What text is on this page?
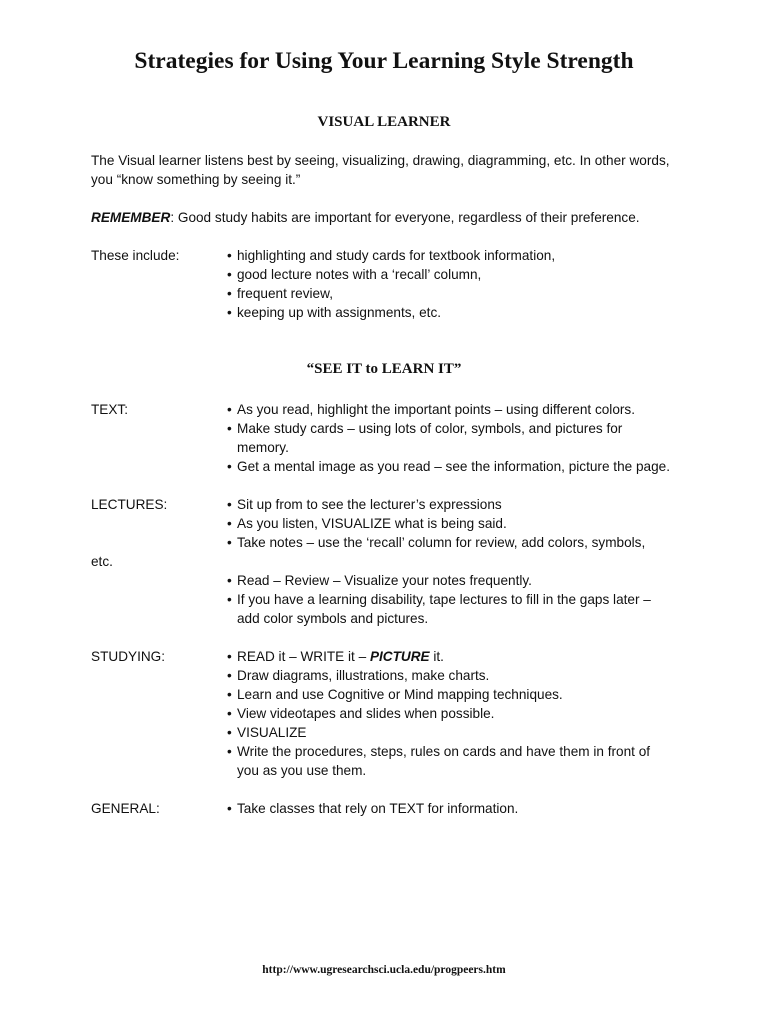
Strategies for Using Your Learning Style Strength
VISUAL LEARNER
The Visual learner listens best by seeing, visualizing, drawing, diagramming, etc. In other words,
you “know something by seeing it.”
REMEMBER: Good study habits are important for everyone, regardless of their preference.
These include:	• highlighting and study cards for textbook information,
• good lecture notes with a ‘recall’ column,
• frequent review,
• keeping up with assignments, etc.
“SEE IT to LEARN IT”
TEXT:	• As you read, highlight the important points – using different colors.
• Make study cards – using lots of color, symbols, and pictures for
memory.
• Get a mental image as you read – see the information, picture the page.
LECTURES:	• Sit up from to see the lecturer’s expressions
• As you listen, VISUALIZE what is being said.
• Take notes – use the ‘recall’ column for review, add colors, symbols,
etc.
• Read – Review – Visualize your notes frequently.
• If you have a learning disability, tape lectures to fill in the gaps later –
add color symbols and pictures.
STUDYING:	• READ it – WRITE it – PICTURE it.
• Draw diagrams, illustrations, make charts.
• Learn and use Cognitive or Mind mapping techniques.
• View videotapes and slides when possible.
• VISUALIZE
• Write the procedures, steps, rules on cards and have them in front of
you as you use them.
GENERAL:	• Take classes that rely on TEXT for information.
http://www.ugresearchsci.ucla.edu/progpeers.htm
